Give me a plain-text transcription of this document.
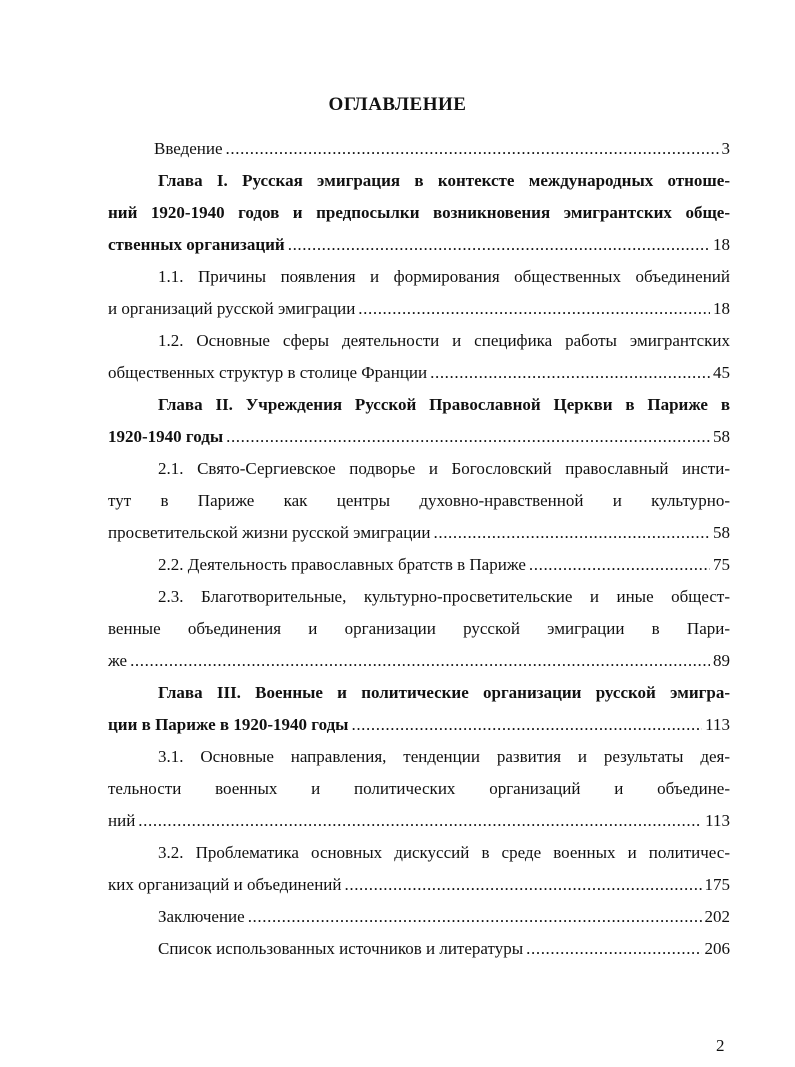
ОГЛАВЛЕНИЕ
Введение .....	3
Глава I. Русская эмиграция в контексте международных отноше-
ний 1920-1940 годов и предпосылки возникновения эмигрантских обще-
ственных организаций .....	18
1.1. Причины появления и формирования общественных объединений
и организаций русской эмиграции .....	18
1.2. Основные сферы деятельности и специфика работы эмигрантских
общественных структур в столице Франции .....	45
Глава II. Учреждения Русской Православной Церкви в Париже в
1920-1940 годы .....	58
2.1. Свято-Сергиевское подворье и Богословский православный инсти-
тут в Париже как центры духовно-нравственной и культурно-
просветительской жизни русской эмиграции .....	58
2.2. Деятельность православных братств в Париже .....	75
2.3. Благотворительные, культурно-просветительские и иные общест-
венные объединения и организации русской эмиграции в Пари-
же .....	89
Глава III. Военные и политические организации русской эмигра-
ции в Париже в 1920-1940 годы .....	113
3.1. Основные направления, тенденции развития и результаты дея-
тельности военных и политических организаций и объедине-
ний .....	113
3.2. Проблематика основных дискуссий в среде военных и политичес-
ких организаций и объединений .....	175
Заключение .....	202
Список использованных источников и литературы .....	206
2
